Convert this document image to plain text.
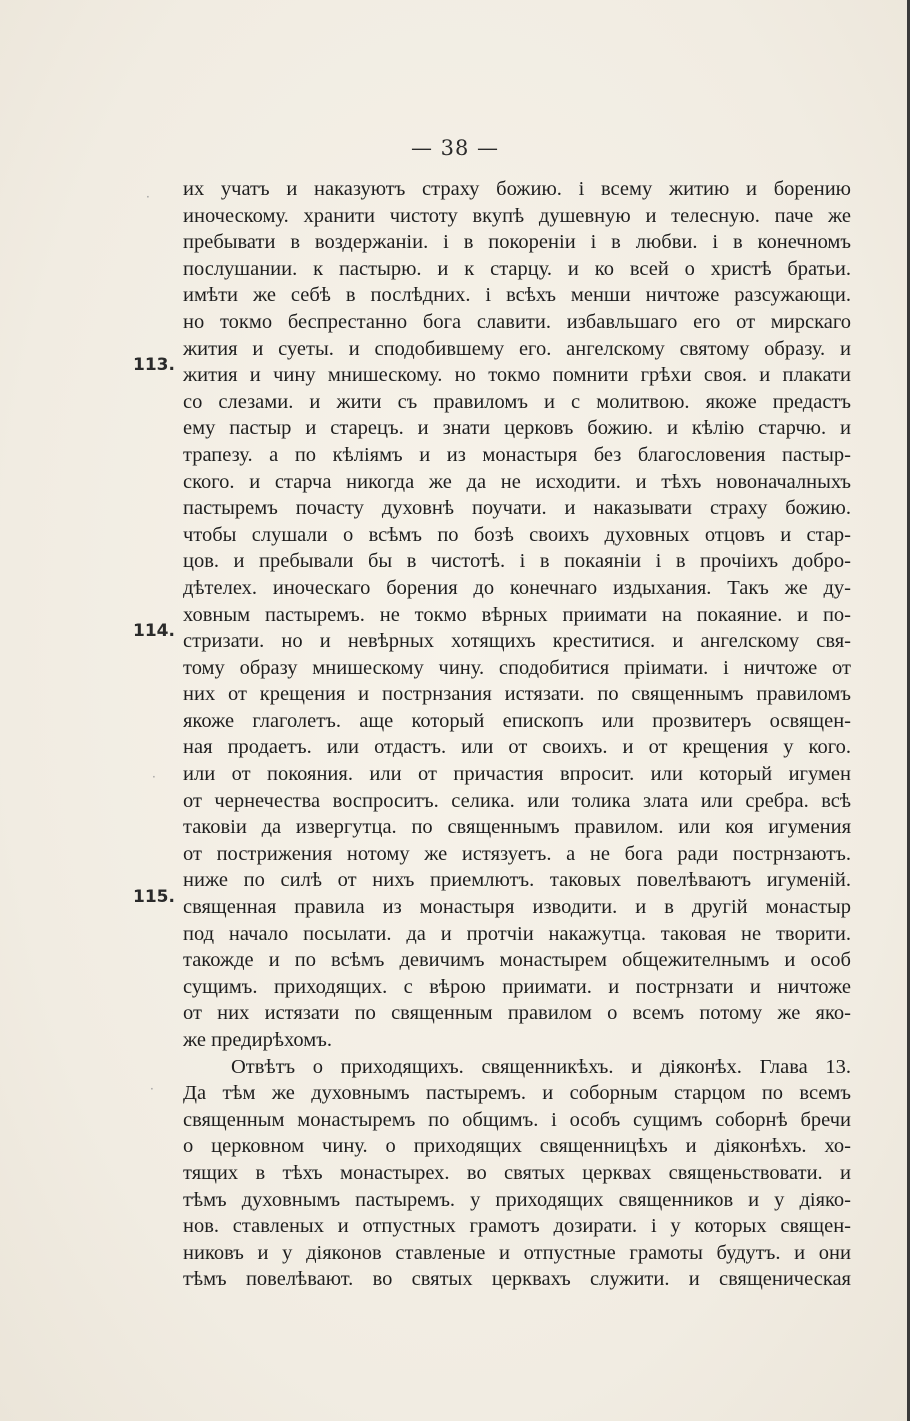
— 38 —
113.
114.
115.
·
·
·
их учатъ и наказуютъ страху божию. і всему житию и борению
иноческому. хранити чистоту вкупѣ душевную и телесную. паче же
пребывати в воздержаніи. і в покореніи і в любви. і в конечномъ
послушании. к пастырю. и к старцу. и ко всей о христѣ братьи.
имѣти же себѣ в послѣдних. і всѣхъ менши ничтоже разсужающи.
но токмо беспрестанно бога славити. избавльшаго его от мирскаго
жития и суеты. и сподобившему его. ангелскому святому образу. и
жития и чину мнишескому. но токмо помнити грѣхи своя. и плакати
со слезами. и жити съ правиломъ и с молитвою. якоже предастъ
ему пастыр и старецъ. и знати церковъ божию. и кѣлію старчю. и
трапезу. а по кѣліямъ и из монастыря без благословения пастыр-
ского. и старча никогда же да не исходити. и тѣхъ новоначалныхъ
пастыремъ почасту духовнѣ поучати. и наказывати страху божию.
чтобы слушали о всѣмъ по бозѣ своихъ духовных отцовъ и стар-
цов. и пребывали бы в чистотѣ. і в покаяніи і в прочіихъ добро-
дѣтелех. иноческаго борения до конечнаго издыхания. Такъ же ду-
ховным пастыремъ. не токмо вѣрных приимати на покаяние. и по-
стризати. но и невѣрных хотящихъ креститися. и ангелскому свя-
тому образу мнишескому чину. сподобитися пріимати. і ничтоже от
них от крещения и пострнзания истязати. по священнымъ правиломъ
якоже глаголетъ. аще который епископъ или прозвитеръ освящен-
ная продаетъ. или отдастъ. или от своихъ. и от крещения у кого.
или от покояния. или от причастия впросит. или который игумен
от чернечества воспроситъ. селика. или толика злата или сребра. всѣ
таковіи да извергутца. по священнымъ правилом. или коя игумения
от пострижения нотому же истязуетъ. а не бога ради пострнзаютъ.
ниже по силѣ от нихъ приемлютъ. таковых повелѣваютъ игуменій.
священная правила из монастыря изводити. и в другій монастыр
под начало посылати. да и протчіи накажутца. таковая не творити.
такожде и по всѣмъ девичимъ монастырем общежителнымъ и особ
сущимъ. приходящих. с вѣрою приимати. и пострнзати и ничтоже
от них истязати по священным правилом о всемъ потому же яко-
же предирѣхомъ.
Отвѣтъ о приходящихъ. священникѣхъ. и діяконѣх. Глава 13.
Да тѣм же духовнымъ пастыремъ. и соборным старцом по всемъ
священным монастыремъ по общимъ. і особъ сущимъ соборнѣ бречи
о церковном чину. о приходящих священницѣхъ и діяконѣхъ. хо-
тящих в тѣхъ монастырех. во святых церквах священьствовати. и
тѣмъ духовнымъ пастыремъ. у приходящих священников и у діяко-
нов. ставленых и отпустных грамотъ дозирати. і у которых священ-
никовъ и у діяконов ставленые и отпустные грамоты будутъ. и они
тѣмъ повелѣвают. во святых церквахъ служити. и священическая
